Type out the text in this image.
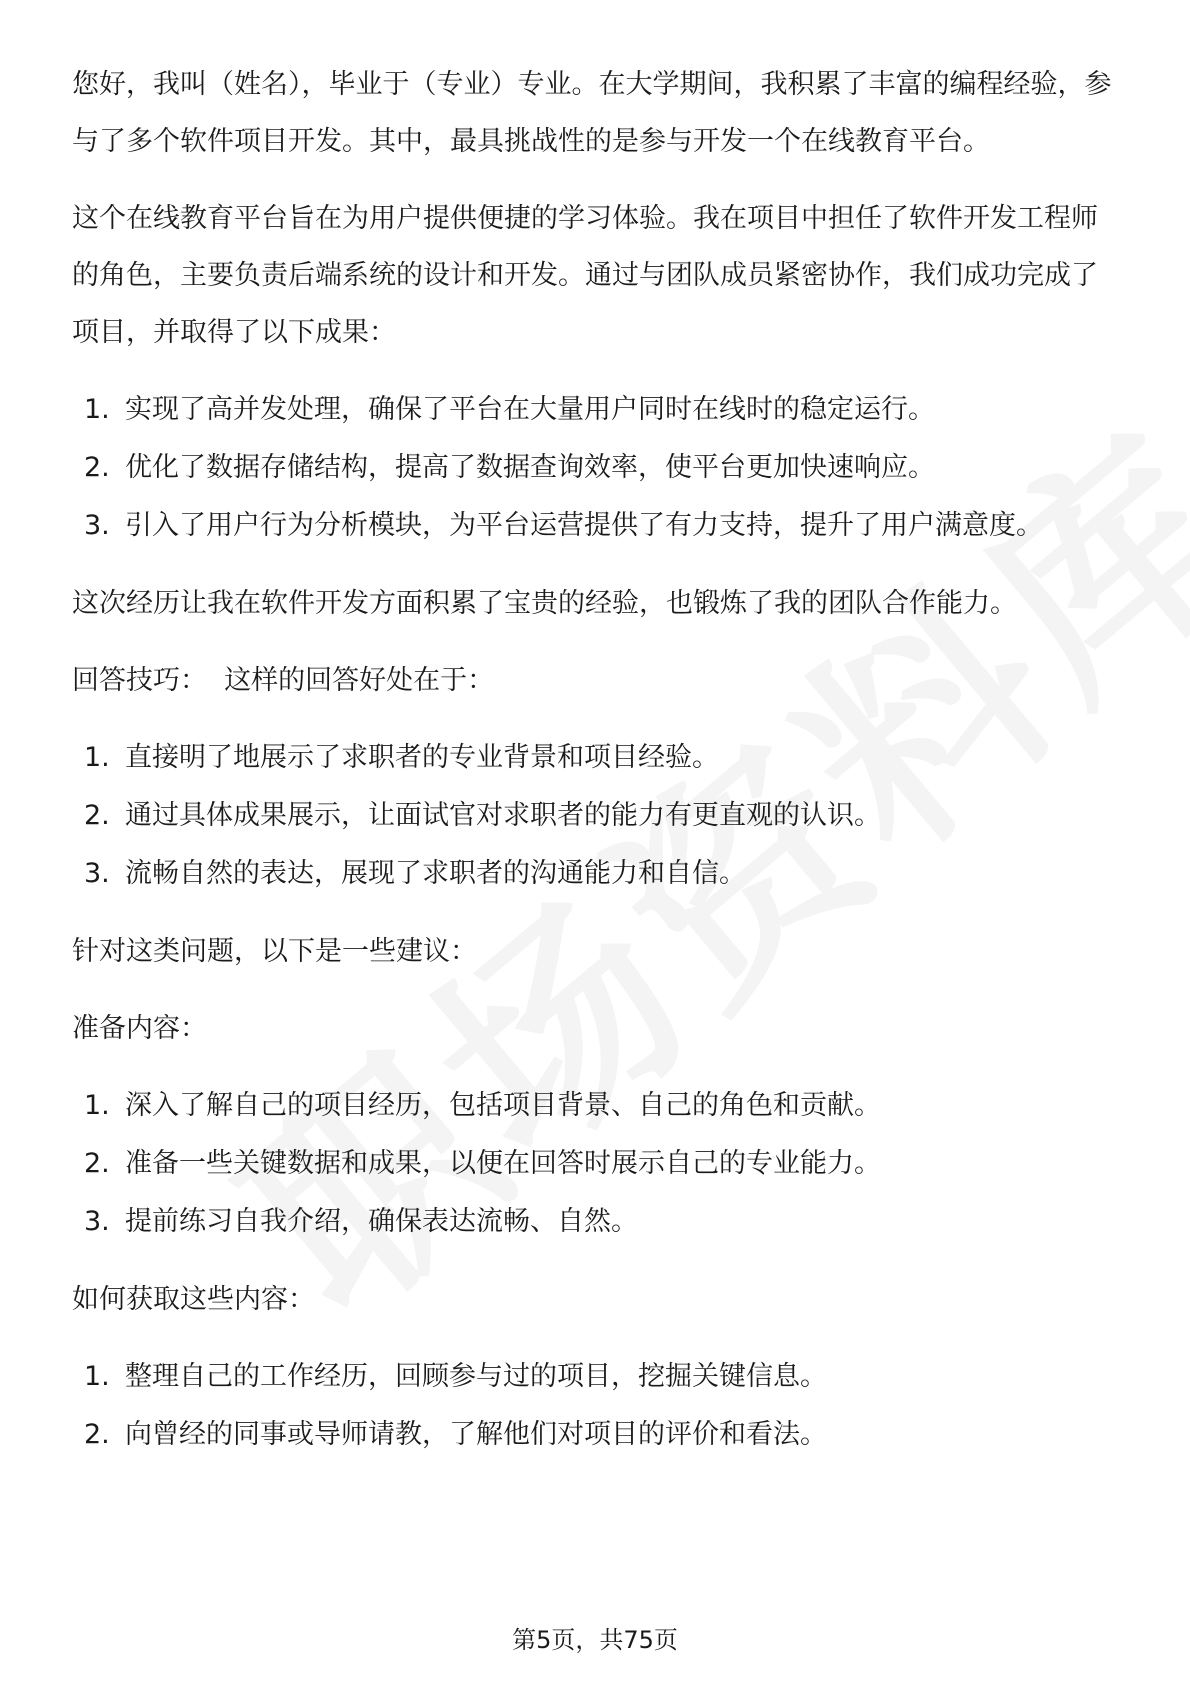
您好，我叫（姓名），毕业于（专业）专业。在大学期间，我积累了丰富的编程经验，参与了多个软件项目开发。其中，最具挑战性的是参与开发一个在线教育平台。

这个在线教育平台旨在为用户提供便捷的学习体验。我在项目中担任了软件开发工程师的角色，主要负责后端系统的设计和开发。通过与团队成员紧密协作，我们成功完成了项目，并取得了以下成果：

1. 实现了高并发处理，确保了平台在大量用户同时在线时的稳定运行。
2. 优化了数据存储结构，提高了数据查询效率，使平台更加快速响应。
3. 引入了用户行为分析模块，为平台运营提供了有力支持，提升了用户满意度。

这次经历让我在软件开发方面积累了宝贵的经验，也锻炼了我的团队合作能力。

回答技巧：  这样的回答好处在于：

1. 直接明了地展示了求职者的专业背景和项目经验。
2. 通过具体成果展示，让面试官对求职者的能力有更直观的认识。
3. 流畅自然的表达，展现了求职者的沟通能力和自信。

针对这类问题，以下是一些建议：

准备内容：

1. 深入了解自己的项目经历，包括项目背景、自己的角色和贡献。
2. 准备一些关键数据和成果，以便在回答时展示自己的专业能力。
3. 提前练习自我介绍，确保表达流畅、自然。

如何获取这些内容：

1. 整理自己的工作经历，回顾参与过的项目，挖掘关键信息。
2. 向曾经的同事或导师请教，了解他们对项目的评价和看法。
第5页，共75页
